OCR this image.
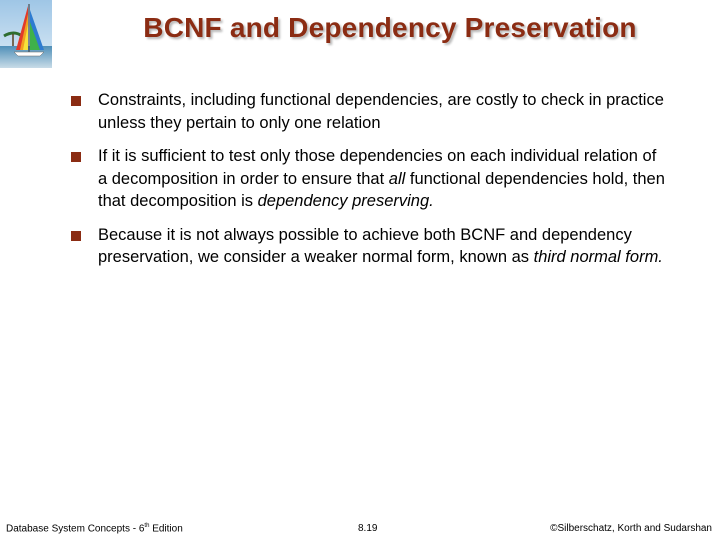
BCNF and Dependency Preservation
Constraints, including functional dependencies, are costly to check in practice unless they pertain to only one relation
If it is sufficient to test only those dependencies on each individual relation of a decomposition in order to ensure that all functional dependencies hold, then that decomposition is dependency preserving.
Because it is not always possible to achieve both BCNF and dependency preservation, we consider a weaker normal form, known as third normal form.
Database System Concepts - 6th Edition	8.19	©Silberschatz, Korth and Sudarshan
